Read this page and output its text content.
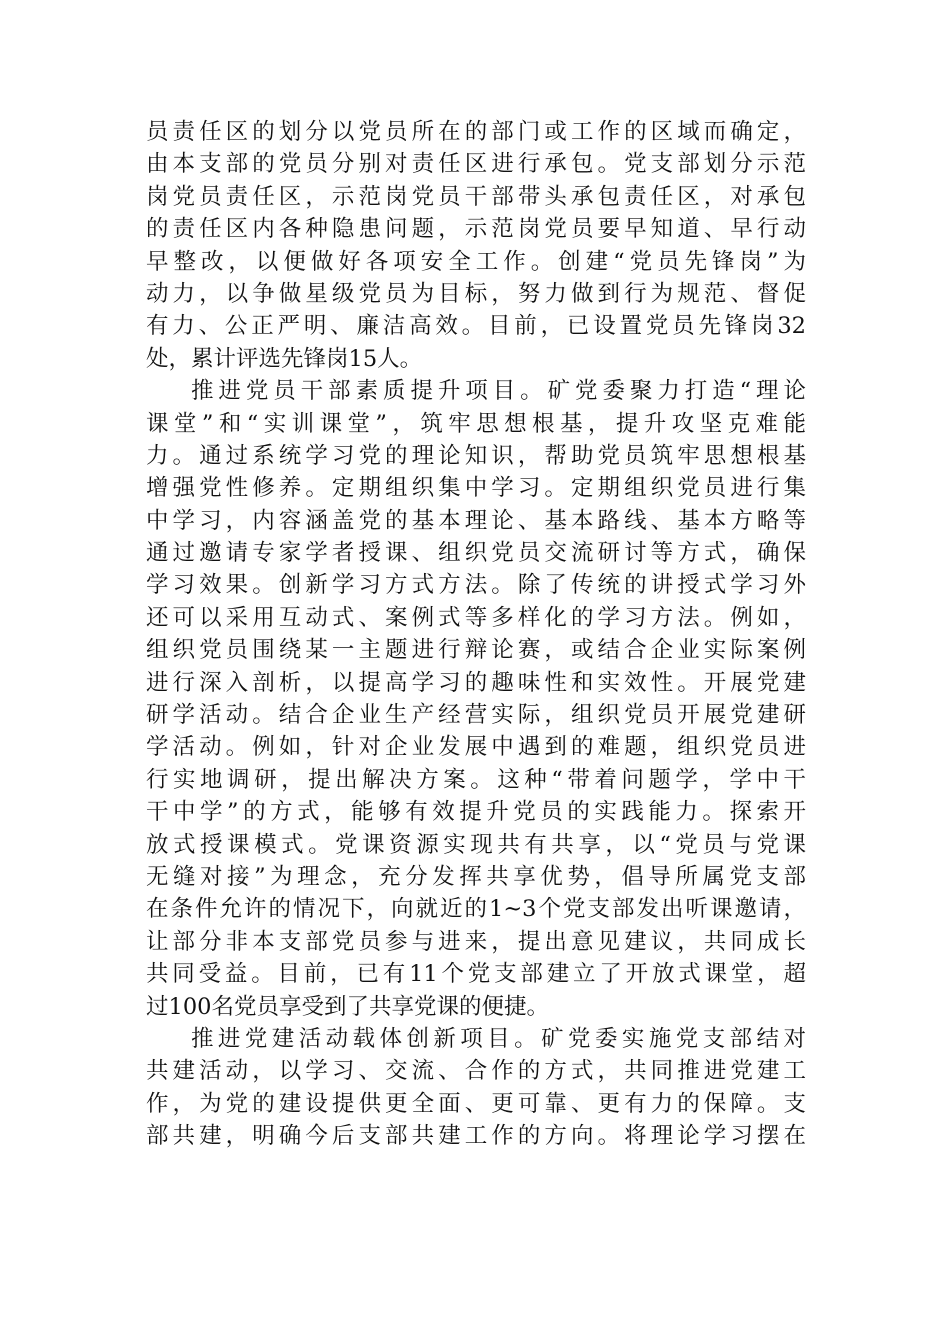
员责任区的划分以党员所在的部门或工作的区域而确定，
由本支部的党员分别对责任区进行承包。党支部划分示范
岗党员责任区，示范岗党员干部带头承包责任区，对承包
的责任区内各种隐患问题，示范岗党员要早知道、早行动
早整改，以便做好各项安全工作。创建“党员先锋岗”为
动力，以争做星级党员为目标，努力做到行为规范、督促
有力、公正严明、廉洁高效。目前，已设置党员先锋岗32
处，累计评选先锋岗15人。
推进党员干部素质提升项目。矿党委聚力打造“理论
课堂”和“实训课堂”，筑牢思想根基，提升攻坚克难能
力。通过系统学习党的理论知识，帮助党员筑牢思想根基
增强党性修养。定期组织集中学习。定期组织党员进行集
中学习，内容涵盖党的基本理论、基本路线、基本方略等
通过邀请专家学者授课、组织党员交流研讨等方式，确保
学习效果。创新学习方式方法。除了传统的讲授式学习外
还可以采用互动式、案例式等多样化的学习方法。例如，
组织党员围绕某一主题进行辩论赛，或结合企业实际案例
进行深入剖析，以提高学习的趣味性和实效性。开展党建
研学活动。结合企业生产经营实际，组织党员开展党建研
学活动。例如，针对企业发展中遇到的难题，组织党员进
行实地调研，提出解决方案。这种“带着问题学，学中干
干中学”的方式，能够有效提升党员的实践能力。探索开
放式授课模式。党课资源实现共有共享，以“党员与党课
无缝对接”为理念，充分发挥共享优势，倡导所属党支部
在条件允许的情况下，向就近的1~3个党支部发出听课邀请，
让部分非本支部党员参与进来，提出意见建议，共同成长
共同受益。目前，已有11个党支部建立了开放式课堂，超
过100名党员享受到了共享党课的便捷。
推进党建活动载体创新项目。矿党委实施党支部结对
共建活动，以学习、交流、合作的方式，共同推进党建工
作，为党的建设提供更全面、更可靠、更有力的保障。支
部共建，明确今后支部共建工作的方向。将理论学习摆在
